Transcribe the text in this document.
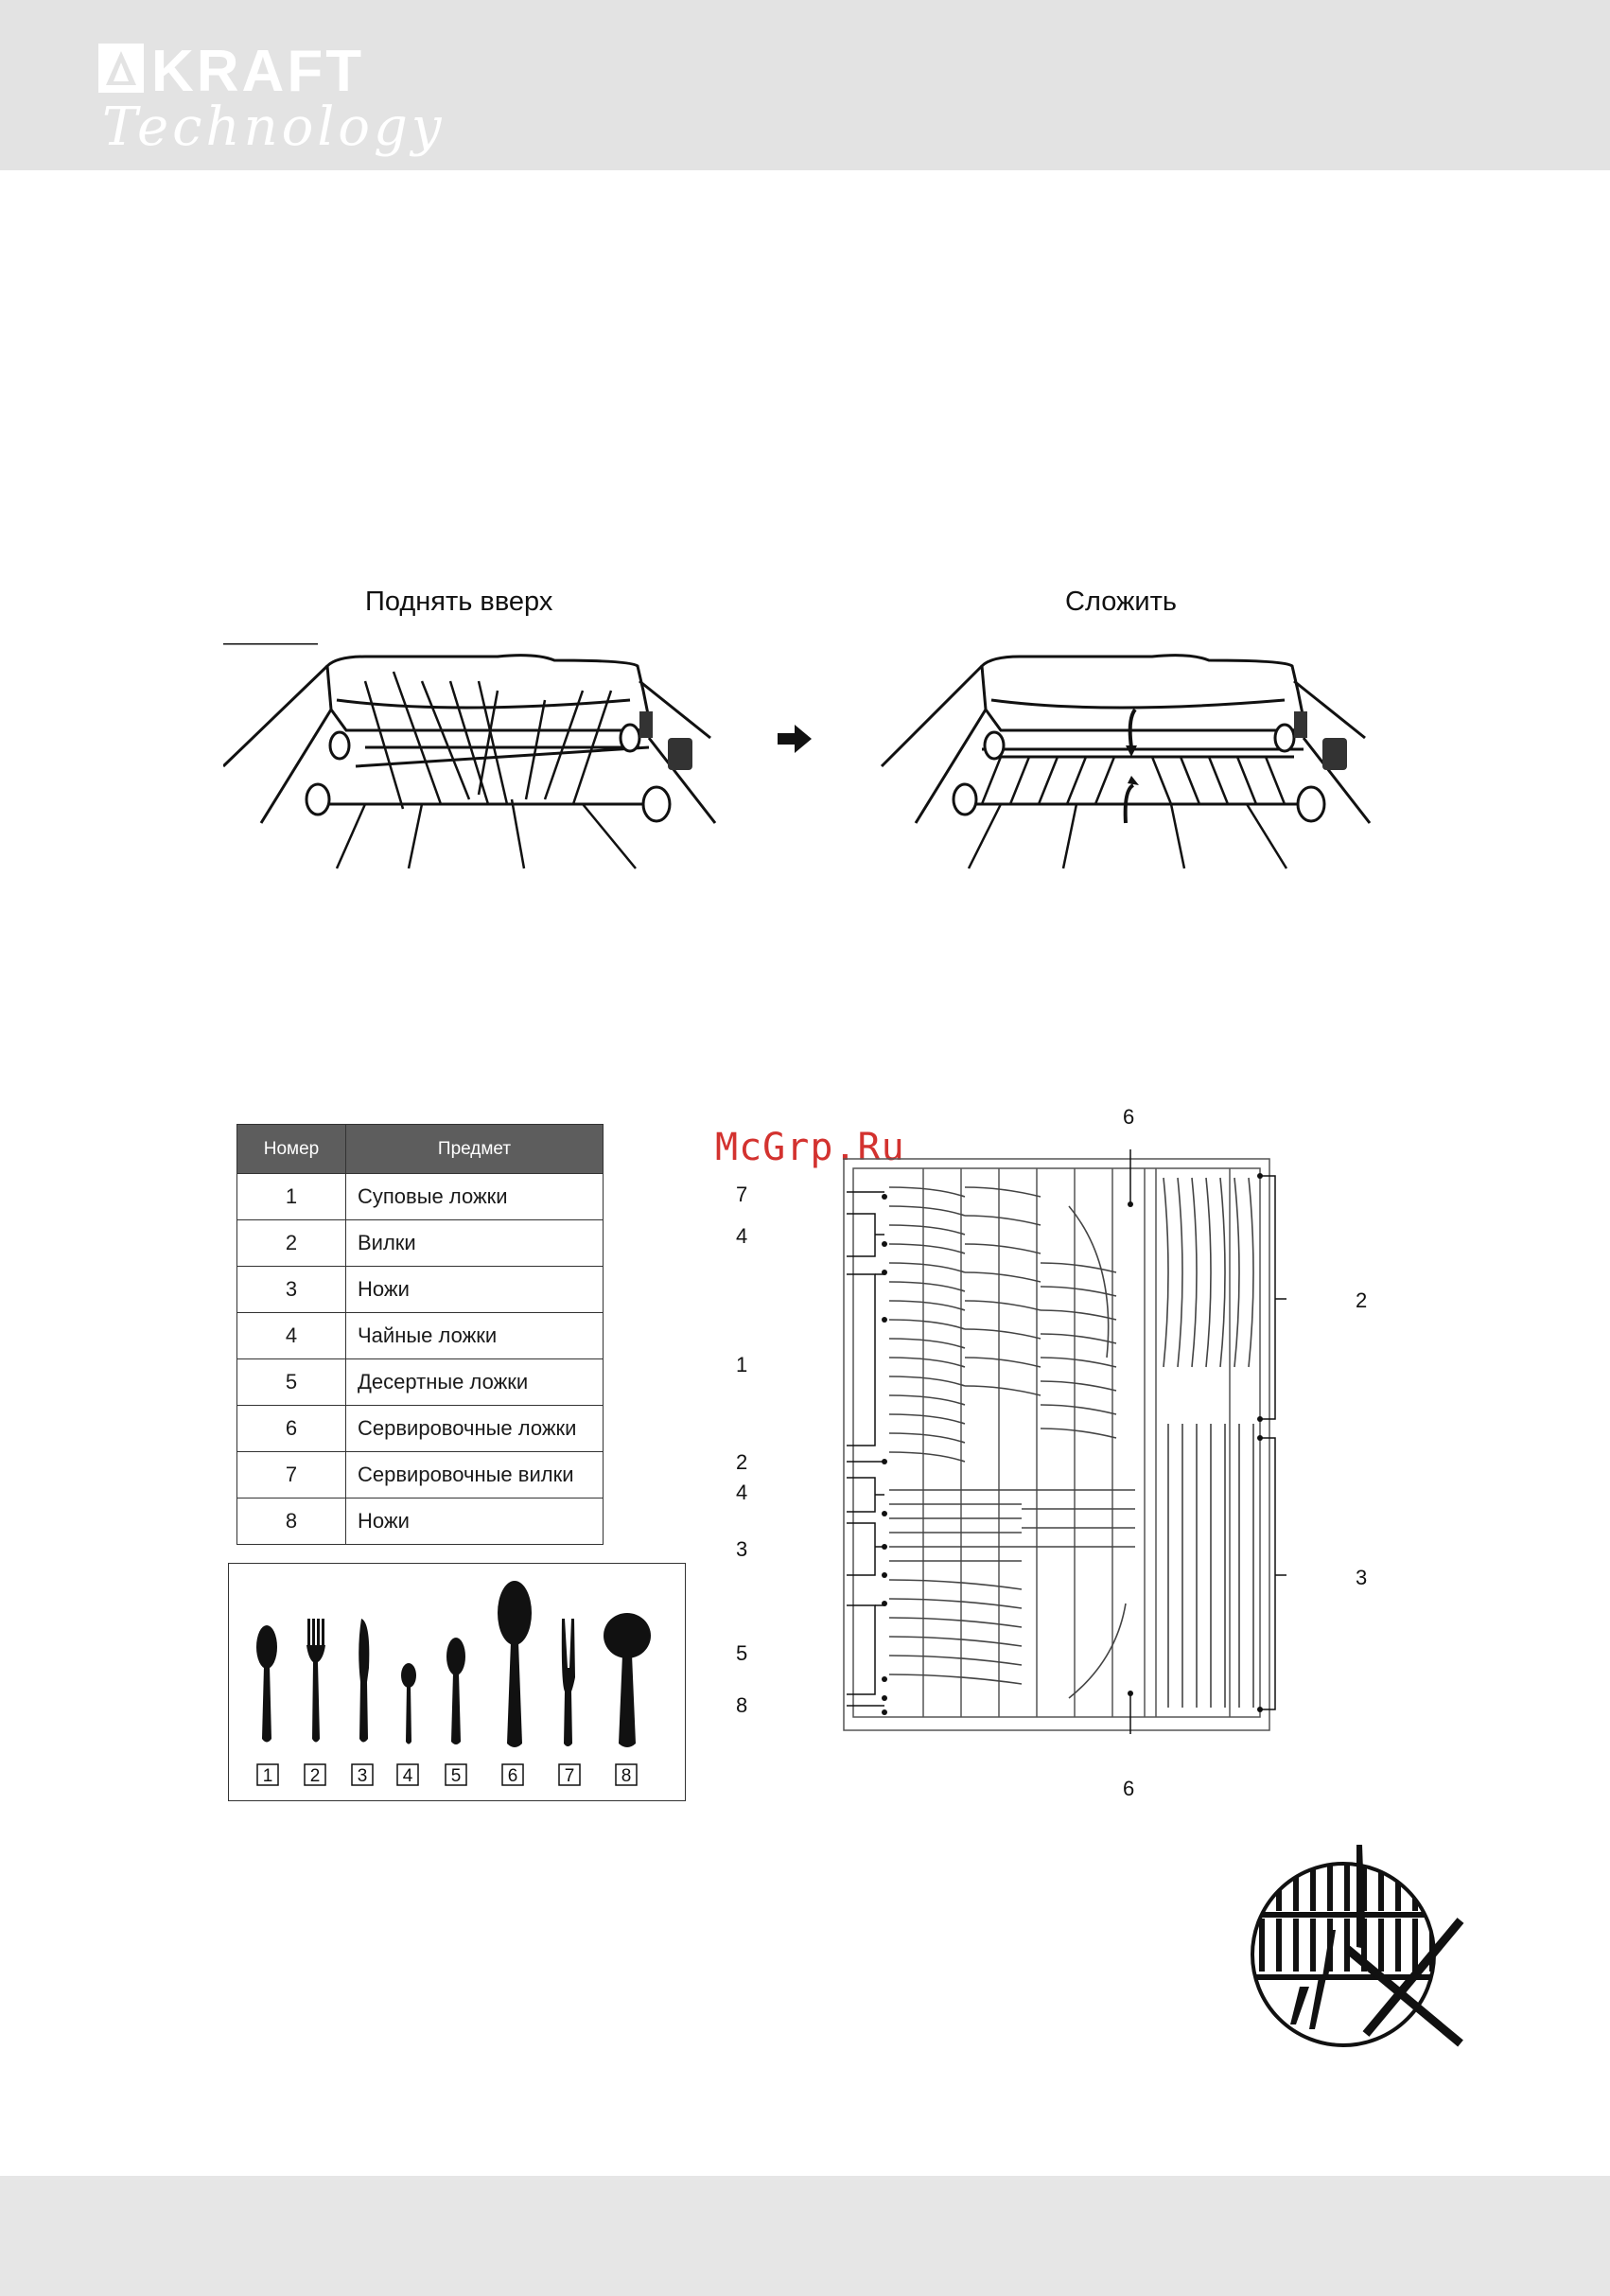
KRAFT
Technology
Поднять вверх	Сложить
McGrp.Ru
Номер	Предмет
1	Суповые ложки
2	Вилки
3	Ножи
4	Чайные ложки
5	Десертные ложки
6	Сервировочные ложки
7	Сервировочные вилки
8	Ножи
1 2 3 4 5	6	7	8
6
6
7
4
1
2
4
3
5
8
2
3
